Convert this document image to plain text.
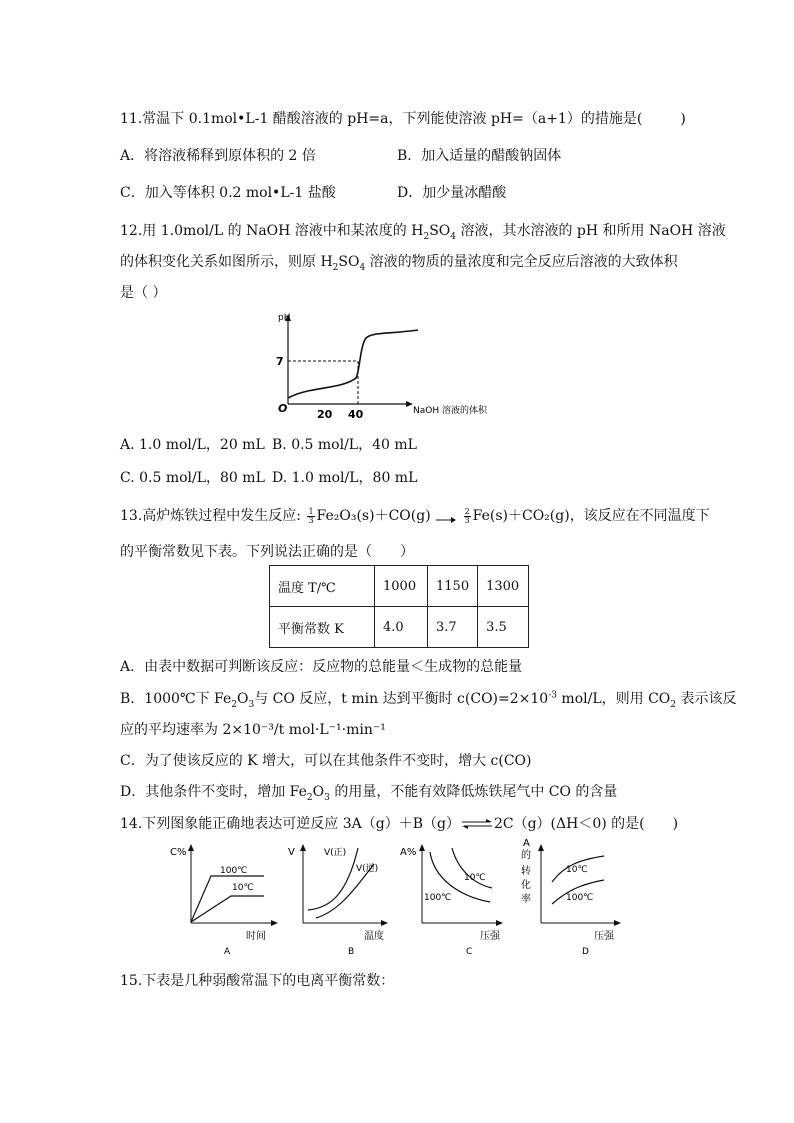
11.常温下 0.1mol•L-1 醋酸溶液的 pH=a，下列能使溶液 pH=（a+1）的措施是(	)
A．将溶液稀释到原体积的 2 倍	B．加入适量的醋酸钠固体
C．加入等体积 0.2 mol•L-1 盐酸	D．加少量冰醋酸
12.用 1.0mol/L 的 NaOH 溶液中和某浓度的 $H_2SO_4$ 溶液，其水溶液的 pH 和所用 NaOH 溶液
的体积变化关系如图所示，则原 $H_2SO_4$ 溶液的物质的量浓度和完全反应后溶液的大致体积
是（ ）
pH
7
O	20 40	NaOH 溶液的体积
A. 1.0 mol/L，20 mL B. 0.5 mol/L，40 mL
C. 0.5 mol/L，80 mL D. 1.0 mol/L，80 mL
13.高炉炼铁过程中发生反应: $\frac{1}{3} Fe_2O_3(s)+CO(g) \to \frac{2}{3} Fe(s)+CO_2(g)$，该反应在不同温度下
的平衡常数见下表。下列说法正确的是（　　）
温度 T/℃	1000	1150	1300
平衡常数 K	4.0	3.7	3.5
A．由表中数据可判断该反应：反应物的总能量＜生成物的总能量
B．1000℃下 $Fe_2O_3$与 CO 反应，t min 达到平衡时 $c(CO)=2\times 10^{-3}$ mol/L，则用 $CO_2$ 表示该反
应的平均速率为 2×10⁻³/t mol·L⁻¹·min⁻¹
C．为了使该反应的 K 增大，可以在其他条件不变时，增大 c(CO)
D．其他条件不变时，增加 $Fe_2O_3$ 的用量，不能有效降低炼铁尾气中 CO 的含量
14.下列图象能正确地表达可逆反应 3A（g）＋B（g）⇌2C（g）(ΔH＜0) 的是( )
C%
100℃
10℃
时间
A
V	V(正)
V(逆)
温度
B
A%
10℃
100℃
压强
C
A
的
转
化
率
10℃
100℃
压强
D
15.下表是几种弱酸常温下的电离平衡常数：
